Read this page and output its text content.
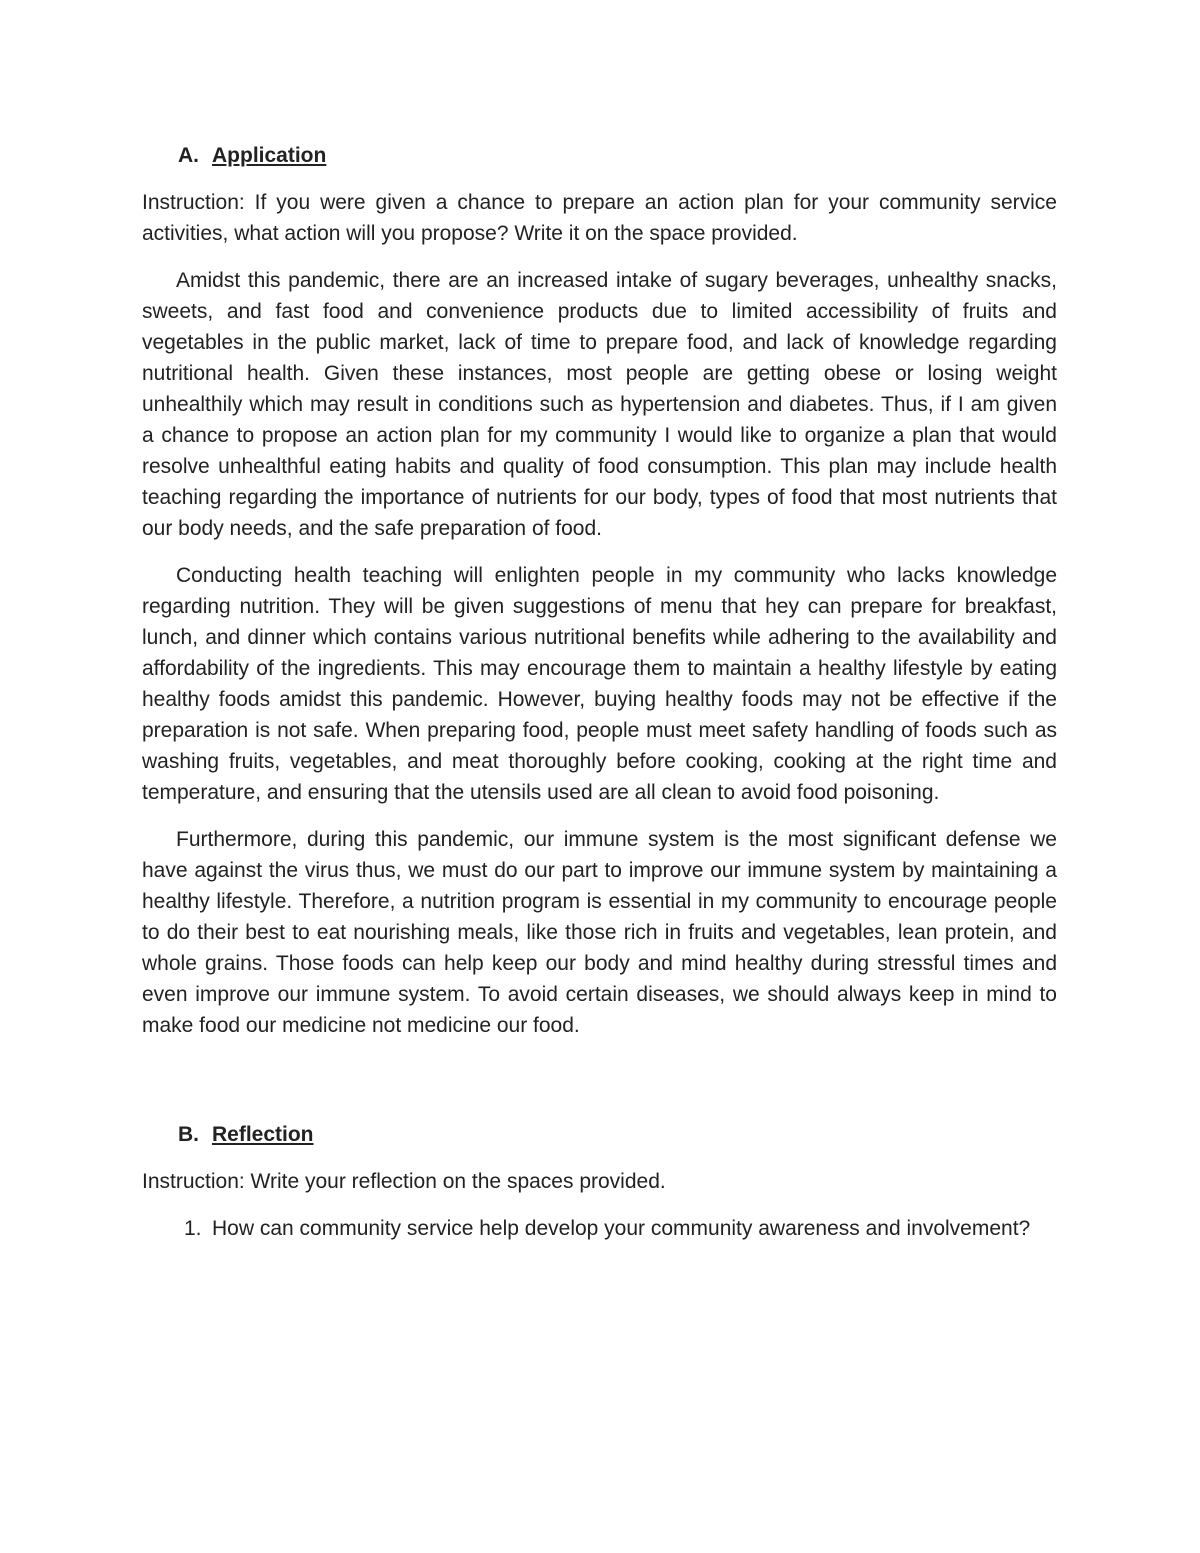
A. Application

Instruction: If you were given a chance to prepare an action plan for your community service activities, what action will you propose? Write it on the space provided.

Amidst this pandemic, there are an increased intake of sugary beverages, unhealthy snacks, sweets, and fast food and convenience products due to limited accessibility of fruits and vegetables in the public market, lack of time to prepare food, and lack of knowledge regarding nutritional health. Given these instances, most people are getting obese or losing weight unhealthily which may result in conditions such as hypertension and diabetes. Thus, if I am given a chance to propose an action plan for my community I would like to organize a plan that would resolve unhealthful eating habits and quality of food consumption. This plan may include health teaching regarding the importance of nutrients for our body, types of food that most nutrients that our body needs, and the safe preparation of food.

Conducting health teaching will enlighten people in my community who lacks knowledge regarding nutrition. They will be given suggestions of menu that hey can prepare for breakfast, lunch, and dinner which contains various nutritional benefits while adhering to the availability and affordability of the ingredients. This may encourage them to maintain a healthy lifestyle by eating healthy foods amidst this pandemic. However, buying healthy foods may not be effective if the preparation is not safe. When preparing food, people must meet safety handling of foods such as washing fruits, vegetables, and meat thoroughly before cooking, cooking at the right time and temperature, and ensuring that the utensils used are all clean to avoid food poisoning.

Furthermore, during this pandemic, our immune system is the most significant defense we have against the virus thus, we must do our part to improve our immune system by maintaining a healthy lifestyle. Therefore, a nutrition program is essential in my community to encourage people to do their best to eat nourishing meals, like those rich in fruits and vegetables, lean protein, and whole grains. Those foods can help keep our body and mind healthy during stressful times and even improve our immune system. To avoid certain diseases, we should always keep in mind to make food our medicine not medicine our food.

B. Reflection

Instruction: Write your reflection on the spaces provided.

1. How can community service help develop your community awareness and involvement?
